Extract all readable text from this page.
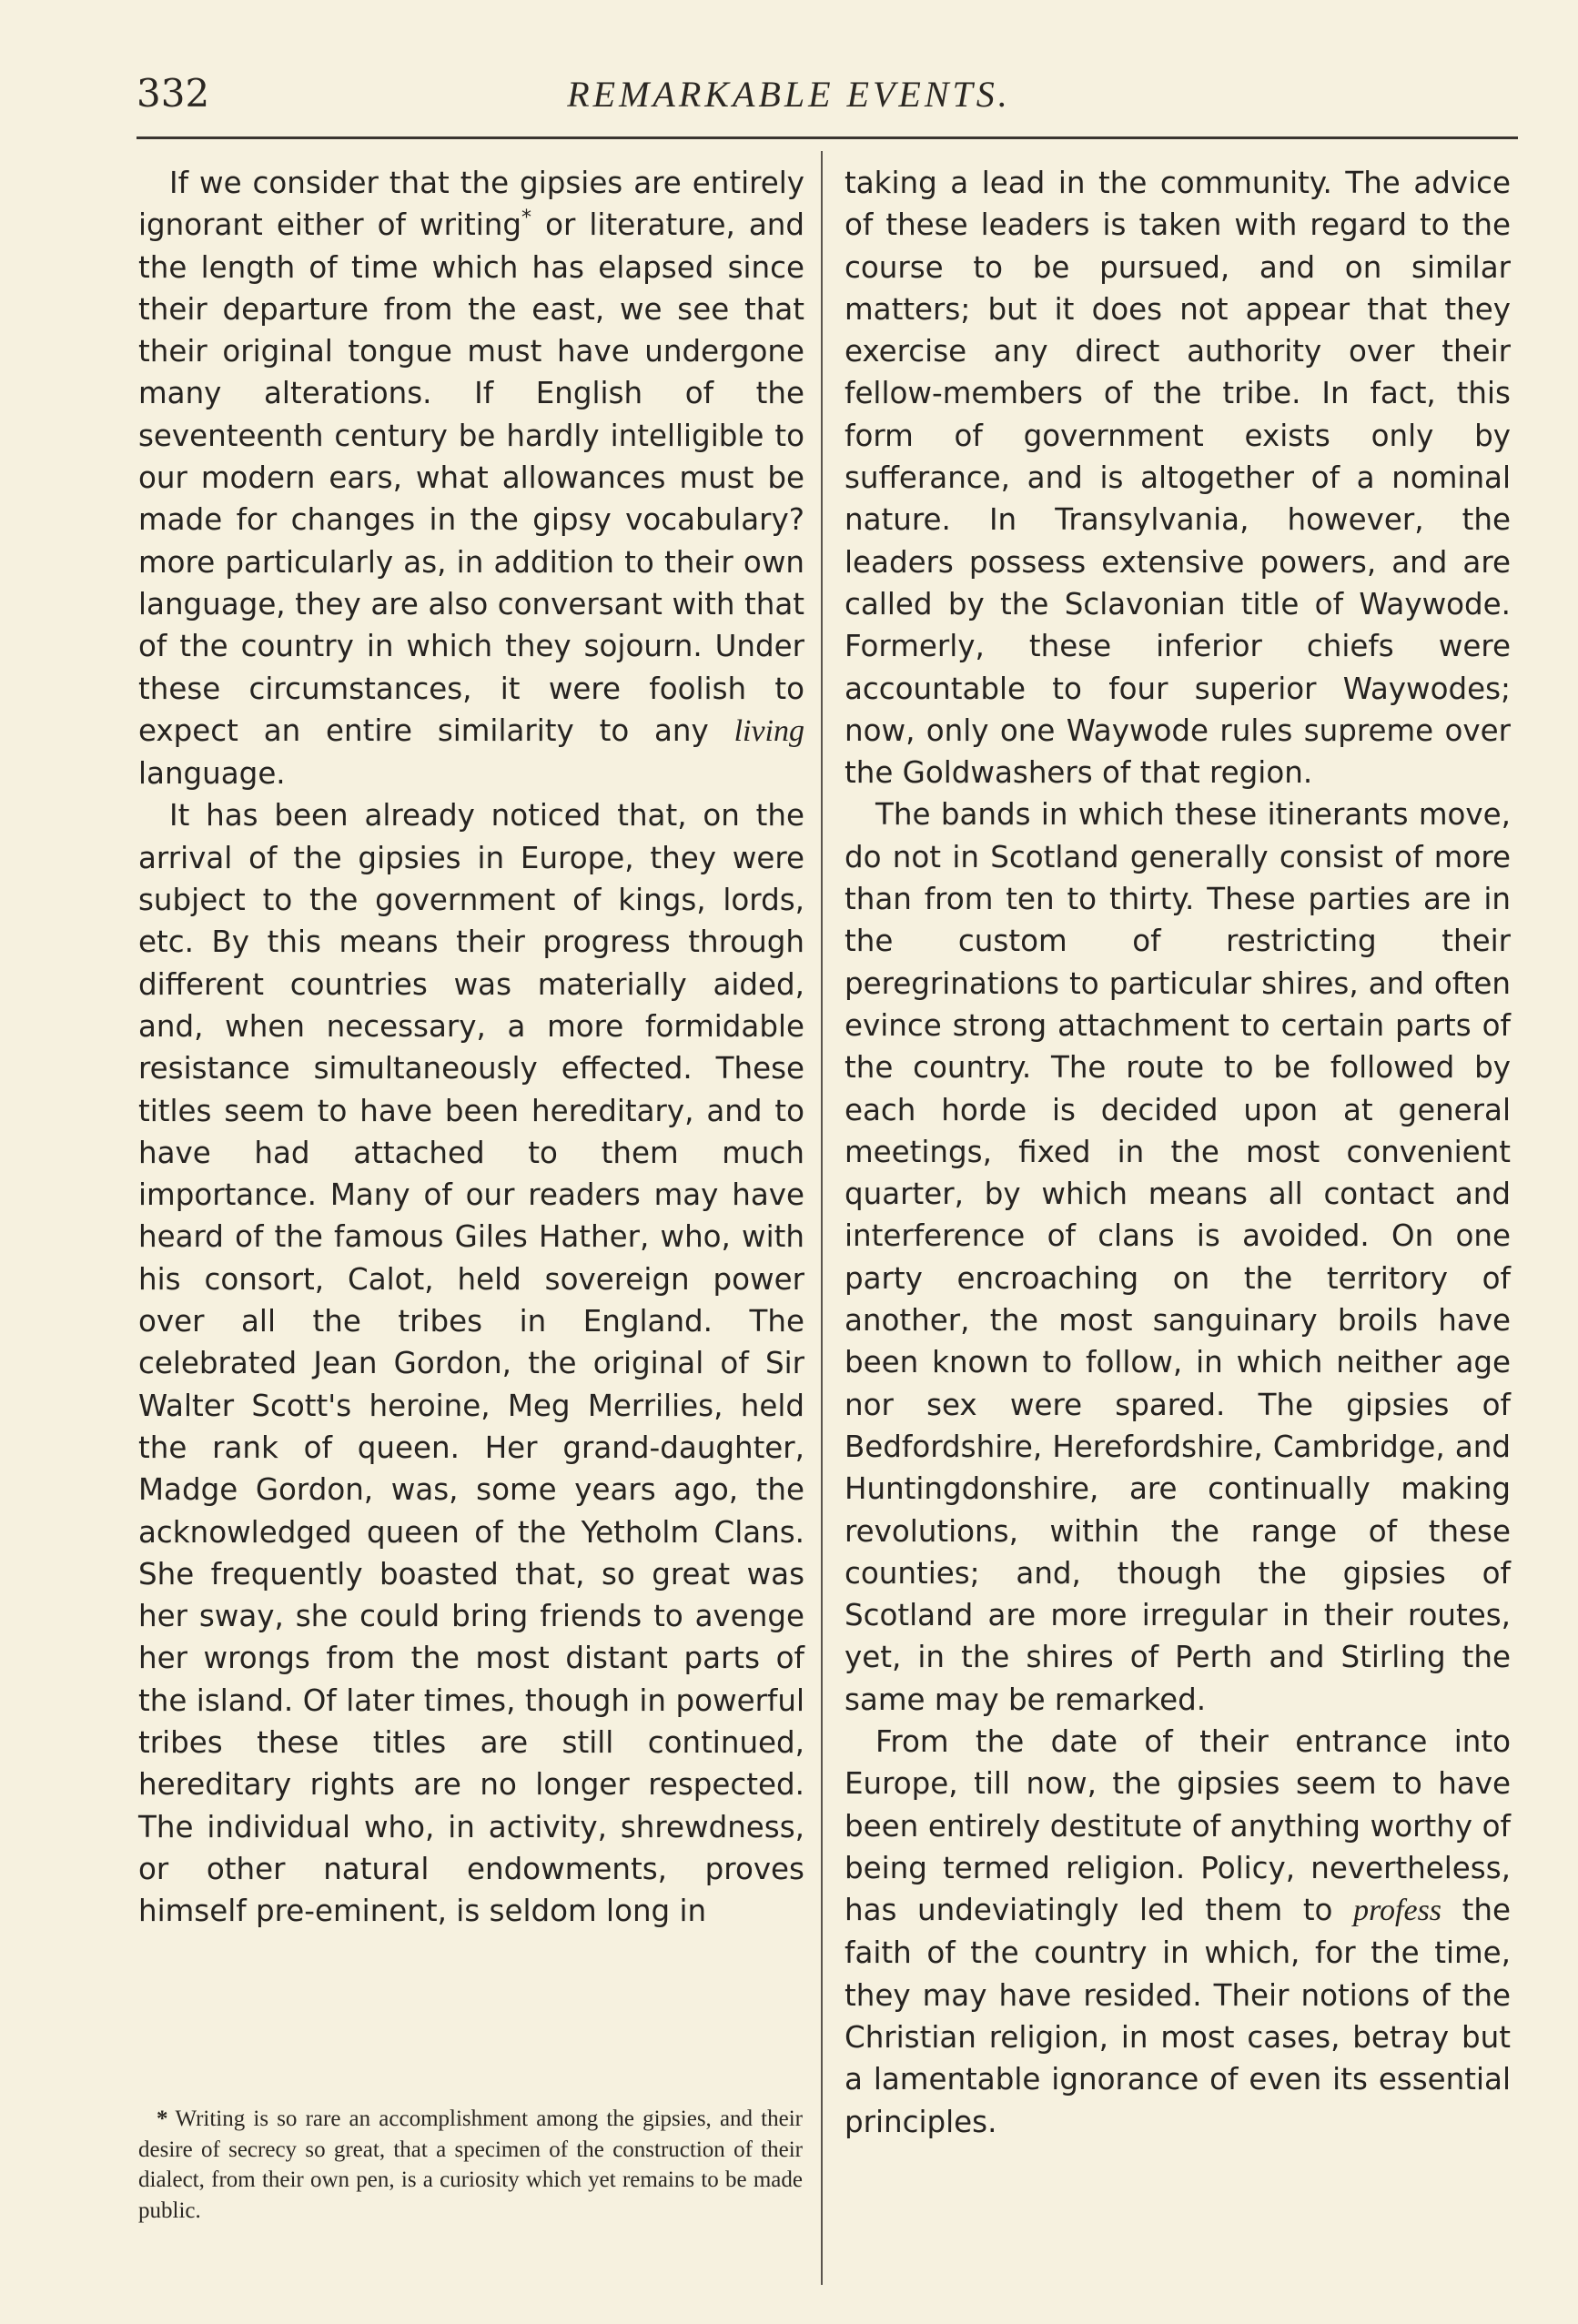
332	REMARKABLE EVENTS.

If we consider that the gipsies are entirely ignorant either of writing* or literature, and the length of time which has elapsed since their departure from the east, we see that their original tongue must have undergone many alterations. If English of the seventeenth century be hardly intelligible to our modern ears, what allowances must be made for changes in the gipsy vocabulary? more particularly as, in addition to their own language, they are also conversant with that of the country in which they sojourn. Under these circumstances, it were foolish to expect an entire similarity to any living language.

It has been already noticed that, on the arrival of the gipsies in Europe, they were subject to the government of kings, lords, etc. By this means their progress through different countries was materially aided, and, when necessary, a more formidable resistance simultaneously effected. These titles seem to have been hereditary, and to have had attached to them much importance. Many of our readers may have heard of the famous Giles Hather, who, with his consort, Calot, held sovereign power over all the tribes in England. The celebrated Jean Gordon, the original of Sir Walter Scott's heroine, Meg Merrilies, held the rank of queen. Her grand-daughter, Madge Gordon, was, some years ago, the acknowledged queen of the Yetholm Clans. She frequently boasted that, so great was her sway, she could bring friends to avenge her wrongs from the most distant parts of the island. Of later times, though in powerful tribes these titles are still continued, hereditary rights are no longer respected. The individual who, in activity, shrewdness, or other natural endowments, proves himself pre-eminent, is seldom long in

taking a lead in the community. The advice of these leaders is taken with regard to the course to be pursued, and on similar matters; but it does not appear that they exercise any direct authority over their fellow-members of the tribe. In fact, this form of government exists only by sufferance, and is altogether of a nominal nature. In Transylvania, however, the leaders possess extensive powers, and are called by the Sclavonian title of Waywode. Formerly, these inferior chiefs were accountable to four superior Waywodes; now, only one Waywode rules supreme over the Goldwashers of that region.

The bands in which these itinerants move, do not in Scotland generally consist of more than from ten to thirty. These parties are in the custom of restricting their peregrinations to particular shires, and often evince strong attachment to certain parts of the country. The route to be followed by each horde is decided upon at general meetings, fixed in the most convenient quarter, by which means all contact and interference of clans is avoided. On one party encroaching on the territory of another, the most sanguinary broils have been known to follow, in which neither age nor sex were spared. The gipsies of Bedfordshire, Herefordshire, Cambridge, and Huntingdonshire, are continually making revolutions, within the range of these counties; and, though the gipsies of Scotland are more irregular in their routes, yet, in the shires of Perth and Stirling the same may be remarked.

From the date of their entrance into Europe, till now, the gipsies seem to have been entirely destitute of anything worthy of being termed religion. Policy, nevertheless, has undeviatingly led them to profess the faith of the country in which, for the time, they may have resided. Their notions of the Christian religion, in most cases, betray but a lamentable ignorance of even its essential principles.

* Writing is so rare an accomplishment among the gipsies, and their desire of secrecy so great, that a specimen of the construction of their dialect, from their own pen, is a curiosity which yet remains to be made public.
